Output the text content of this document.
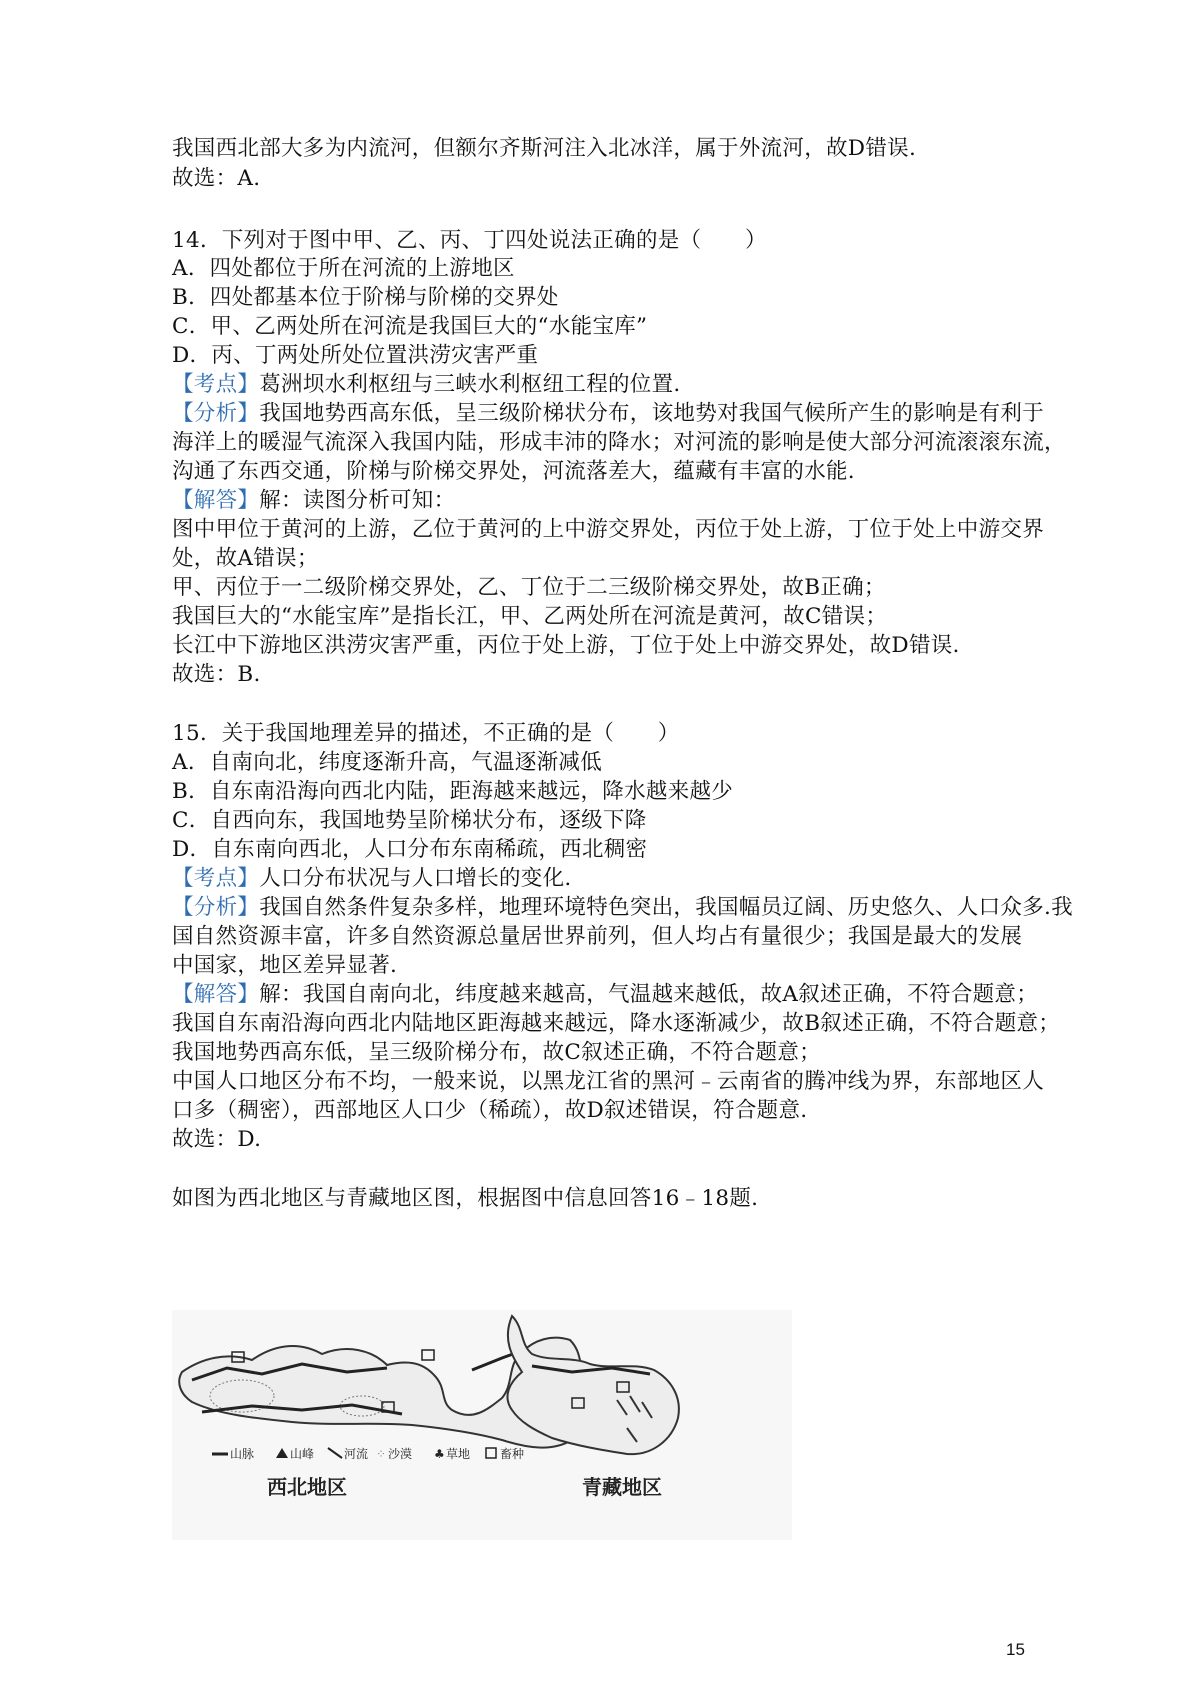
我国西北部大多为内流河，但额尔齐斯河注入北冰洋，属于外流河，故D错误.
故选：A.
14．下列对于图中甲、乙、丙、丁四处说法正确的是（　　）
A．四处都位于所在河流的上游地区
B．四处都基本位于阶梯与阶梯的交界处
C．甲、乙两处所在河流是我国巨大的“水能宝库”
D．丙、丁两处所处位置洪涝灾害严重
【考点】葛洲坝水利枢纽与三峡水利枢纽工程的位置.
【分析】我国地势西高东低，呈三级阶梯状分布，该地势对我国气候所产生的影响是有利于
海洋上的暖湿气流深入我国内陆，形成丰沛的降水；对河流的影响是使大部分河流滚滚东流，
沟通了东西交通，阶梯与阶梯交界处，河流落差大，蕴藏有丰富的水能.
【解答】解：读图分析可知：
图中甲位于黄河的上游，乙位于黄河的上中游交界处，丙位于处上游，丁位于处上中游交界
处，故A错误；
甲、丙位于一二级阶梯交界处，乙、丁位于二三级阶梯交界处，故B正确；
我国巨大的“水能宝库”是指长江，甲、乙两处所在河流是黄河，故C错误；
长江中下游地区洪涝灾害严重，丙位于处上游，丁位于处上中游交界处，故D错误.
故选：B.
15．关于我国地理差异的描述，不正确的是（　　）
A．自南向北，纬度逐渐升高，气温逐渐减低
B．自东南沿海向西北内陆，距海越来越远，降水越来越少
C．自西向东，我国地势呈阶梯状分布，逐级下降
D．自东南向西北，人口分布东南稀疏，西北稠密
【考点】人口分布状况与人口增长的变化.
【分析】我国自然条件复杂多样，地理环境特色突出，我国幅员辽阔、历史悠久、人口众多.我
国自然资源丰富，许多自然资源总量居世界前列，但人均占有量很少；我国是最大的发展
中国家，地区差异显著.
【解答】解：我国自南向北，纬度越来越高，气温越来越低，故A叙述正确，不符合题意；
我国自东南沿海向西北内陆地区距海越来越远，降水逐渐减少，故B叙述正确，不符合题意；
我国地势西高东低，呈三级阶梯分布，故C叙述正确，不符合题意；
中国人口地区分布不均，一般来说，以黑龙江省的黑河﹣云南省的腾冲线为界，东部地区人
口多（稠密），西部地区人口少（稀疏），故D叙述错误，符合题意.
故选：D.
如图为西北地区与青藏地区图，根据图中信息回答16﹣18题.
山脉	山峰 河流 ⁘ 沙漠 ♣ 草地 畜种
西北地区	青藏地区
15
